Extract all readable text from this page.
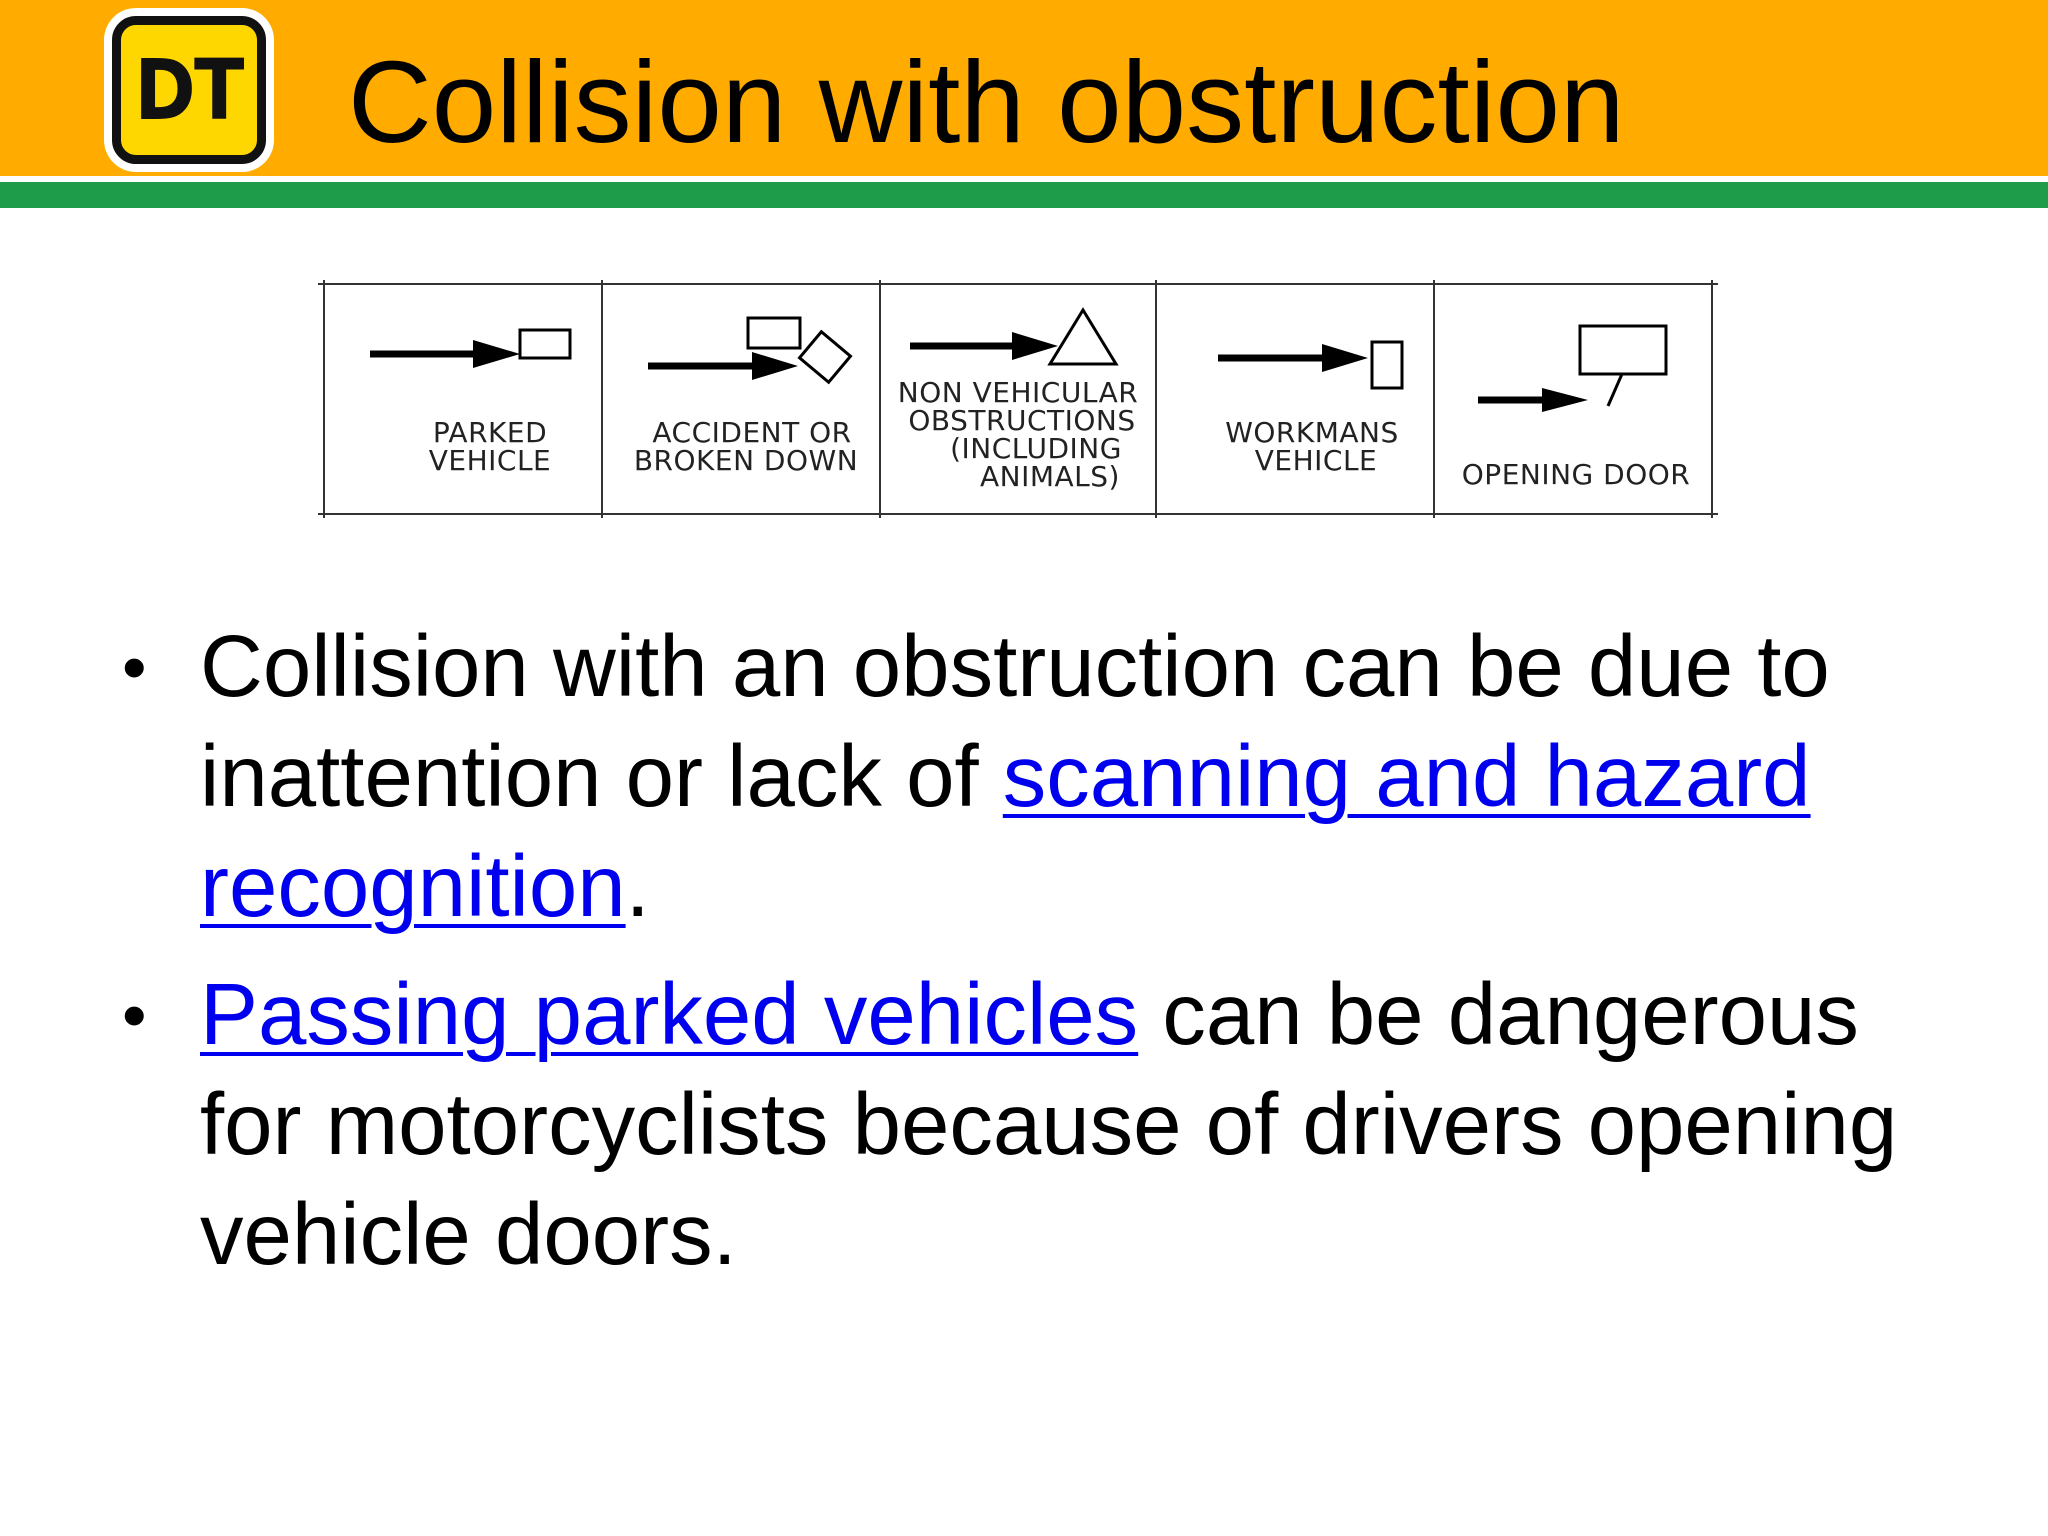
DT Collision with obstruction
PARKED
VEHICLE
ACCIDENT OR
BROKEN DOWN
NON VEHICULAR
OBSTRUCTIONS
(INCLUDING
ANIMALS)
WORKMANS
VEHICLE	OPENING DOOR
• Collision with an obstruction can be due to inattention or lack of scanning and hazard recognition.
• Passing parked vehicles can be dangerous for motorcyclists because of drivers opening vehicle doors.
